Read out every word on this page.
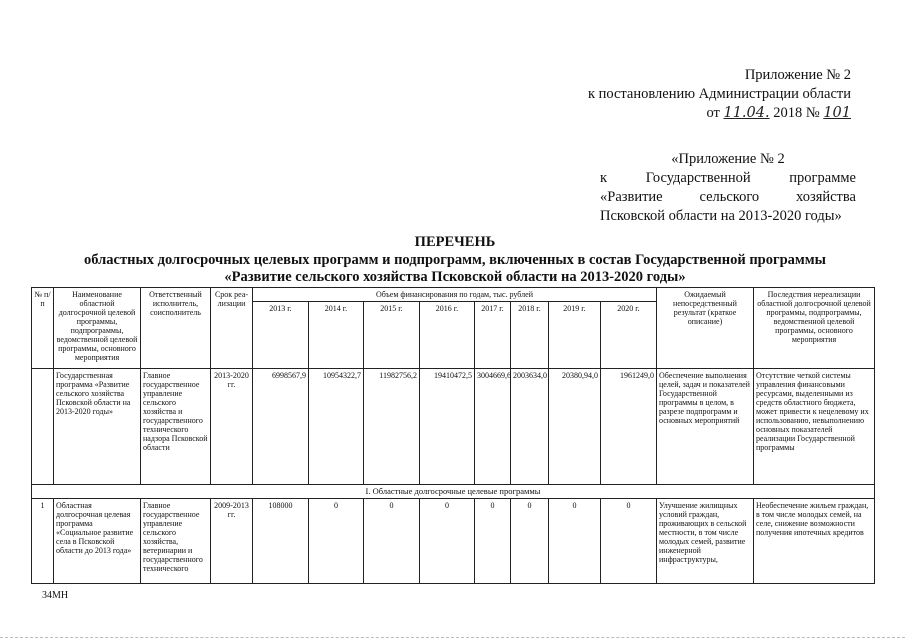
Приложение № 2
к постановлению Администрации области
от 11.04. 2018 № 101
«Приложение № 2
к	Государственной	программе
«Развитие	сельского	хозяйства
Псковской области на 2013-2020 годы»
ПЕРЕЧЕНЬ
областных долгосрочных целевых программ и подпрограмм, включенных в состав Государственной программы
«Развитие сельского хозяйства Псковской области на 2013-2020 годы»
№ п/п	Наименование областной долгосрочной целевой программы, подпрограммы, ведомственной целевой программы, основного мероприятия	Ответственный исполнитель, соисполнитель	Срок реа-лизации	Объем финансирования по годам, тыс. рублей								Ожидаемый непосредственный результат (краткое описание)	Последствия нереализации областной долгосрочной целевой программы, подпрограммы, ведомственной целевой программы, основного мероприятия
				2013 г.	2014 г.	2015 г.	2016 г.	2017 г.	2018 г.	2019 г.	2020 г.		
	Государственная программа «Развитие сельского хозяйства Псковской области на 2013-2020 годы»	Главное государственное управление сельского хозяйства и государственного технического надзора Псковской области	2013-2020 гг.	6998567,9	10954322,7	11982756,2	19410472,5	3004669,6	2003634,0	20380,94,0	1961249,0	Обеспечение выполнения целей, задач и показателей Государственной программы в целом, в разрезе подпрограмм и основных мероприятий	Отсутствие четкой системы управления финансовыми ресурсами, выделенными из средств областного бюджета, может привести к нецелевому их использованию, невыполнению основных показателей реализации Государственной программы
I. Областные долгосрочные целевые программы													
1	Областная долгосрочная целевая программа «Социальное развитие села в Псковской области до 2013 года»	Главное государственное управление сельского хозяйства, ветеринарии и государственного технического	2009-2013 гг.	108000	0	0	0	0	0	0	0	Улучшение жилищных условий граждан, проживающих в сельской местности, в том числе молодых семей, развитие инженерной инфраструктуры,	Необеспечение жильем граждан, в том числе молодых семей, на селе, снижение возможности получения ипотечных кредитов
34МН
